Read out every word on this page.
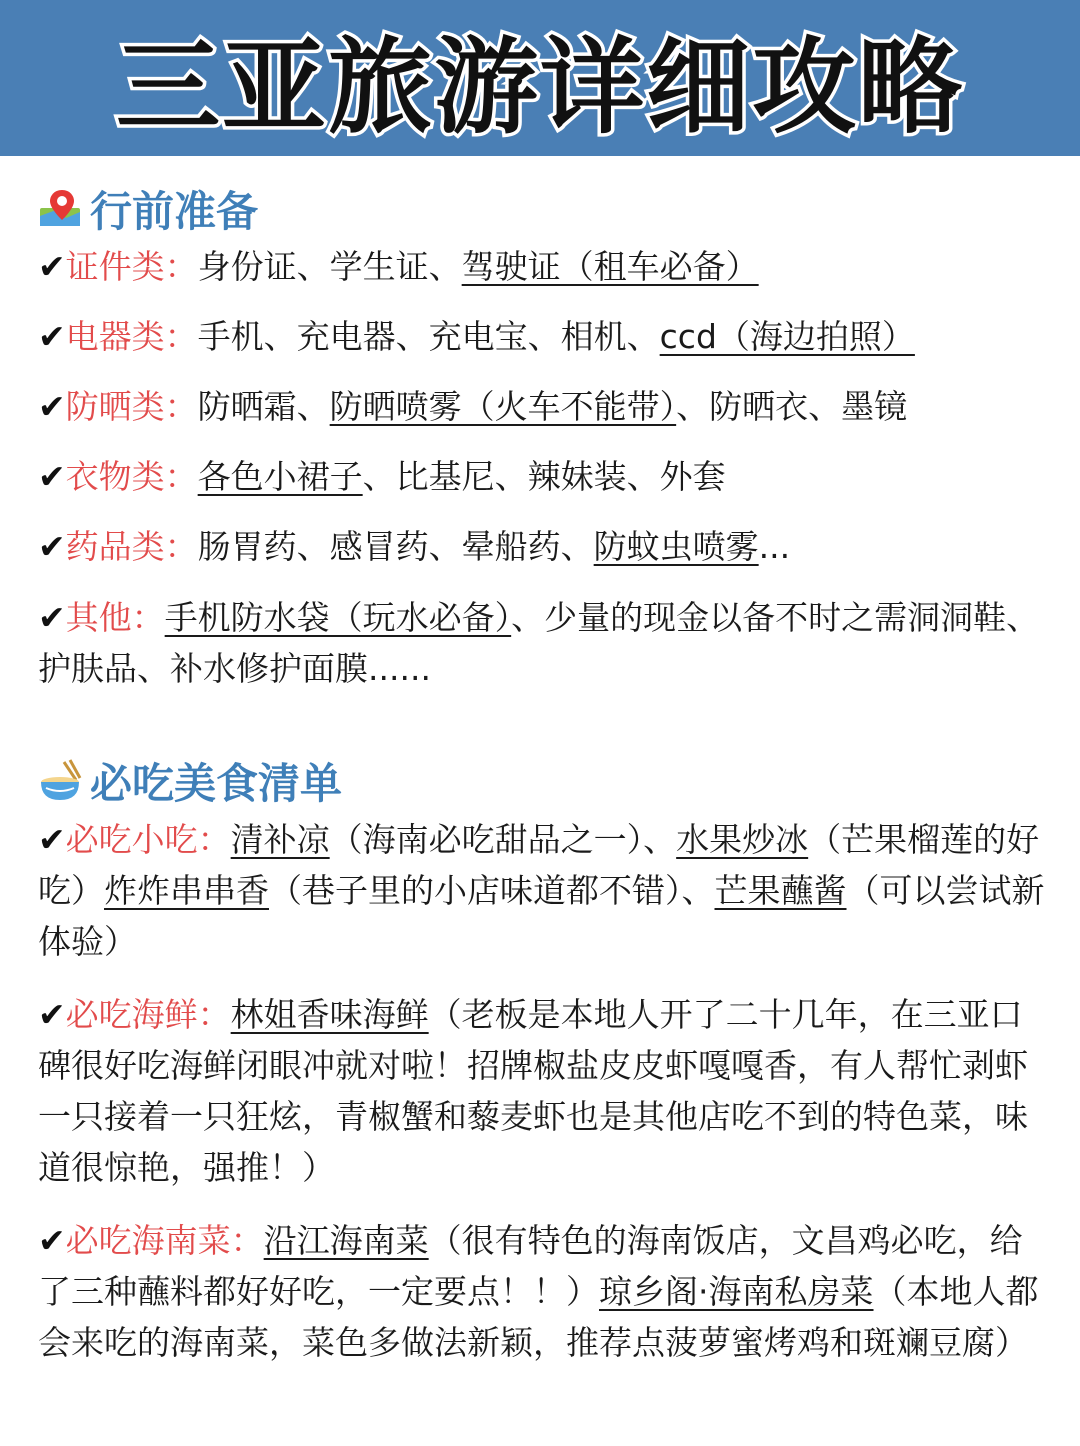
三亚旅游详细攻略
行前准备
✔证件类：身份证、学生证、驾驶证（租车必备）
✔电器类：手机、充电器、充电宝、相机、ccd（海边拍照）
✔防晒类：防晒霜、防晒喷雾（火车不能带）、防晒衣、墨镜
✔衣物类：各色小裙子、比基尼、辣妹装、外套
✔药品类：肠胃药、感冒药、晕船药、防蚊虫喷雾...
✔其他：手机防水袋（玩水必备）、少量的现金以备不时之需洞洞鞋、护肤品、补水修护面膜......
必吃美食清单
✔必吃小吃：清补凉（海南必吃甜品之一）、水果炒冰（芒果榴莲的好吃）炸炸串串香（巷子里的小店味道都不错）、芒果蘸酱（可以尝试新体验）
✔必吃海鲜：林姐香味海鲜（老板是本地人开了二十几年，在三亚口碑很好吃海鲜闭眼冲就对啦！招牌椒盐皮皮虾嘎嘎香，有人帮忙剥虾一只接着一只狂炫，青椒蟹和藜麦虾也是其他店吃不到的特色菜，味道很惊艳，强推！）
✔必吃海南菜：沿江海南菜（很有特色的海南饭店，文昌鸡必吃，给了三种蘸料都好好吃，一定要点！！）琼乡阁·海南私房菜（本地人都会来吃的海南菜，菜色多做法新颖，推荐点菠萝蜜烤鸡和斑斓豆腐）
